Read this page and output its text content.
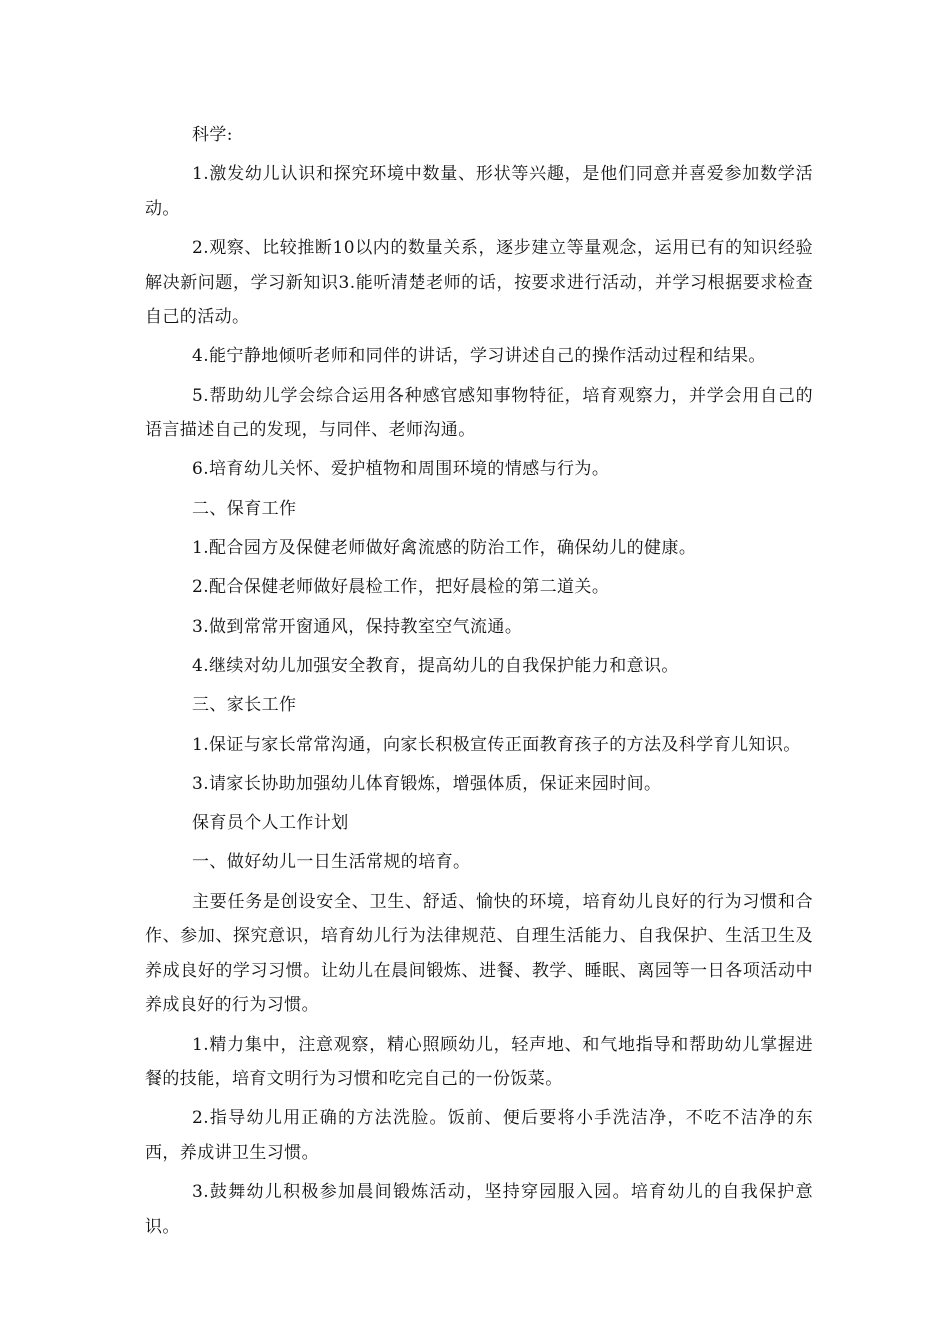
科学:

1.激发幼儿认识和探究环境中数量、形状等兴趣，是他们同意并喜爱参加数学活动。

2.观察、比较推断10以内的数量关系，逐步建立等量观念，运用已有的知识经验解决新问题，学习新知识3.能听清楚老师的话，按要求进行活动，并学习根据要求检查自己的活动。

4.能宁静地倾听老师和同伴的讲话，学习讲述自己的操作活动过程和结果。

5.帮助幼儿学会综合运用各种感官感知事物特征，培育观察力，并学会用自己的语言描述自己的发现，与同伴、老师沟通。

6.培育幼儿关怀、爱护植物和周围环境的情感与行为。

二、保育工作

1.配合园方及保健老师做好禽流感的防治工作，确保幼儿的健康。

2.配合保健老师做好晨检工作，把好晨检的第二道关。

3.做到常常开窗通风，保持教室空气流通。

4.继续对幼儿加强安全教育，提高幼儿的自我保护能力和意识。

三、家长工作

1.保证与家长常常沟通，向家长积极宣传正面教育孩子的方法及科学育儿知识。

3.请家长协助加强幼儿体育锻炼，增强体质，保证来园时间。

保育员个人工作计划

一、做好幼儿一日生活常规的培育。

主要任务是创设安全、卫生、舒适、愉快的环境，培育幼儿良好的行为习惯和合作、参加、探究意识，培育幼儿行为法律规范、自理生活能力、自我保护、生活卫生及养成良好的学习习惯。让幼儿在晨间锻炼、进餐、教学、睡眠、离园等一日各项活动中养成良好的行为习惯。

1.精力集中，注意观察，精心照顾幼儿，轻声地、和气地指导和帮助幼儿掌握进餐的技能，培育文明行为习惯和吃完自己的一份饭菜。

2.指导幼儿用正确的方法洗脸。饭前、便后要将小手洗洁净，不吃不洁净的东西，养成讲卫生习惯。

3.鼓舞幼儿积极参加晨间锻炼活动，坚持穿园服入园。培育幼儿的自我保护意识。
